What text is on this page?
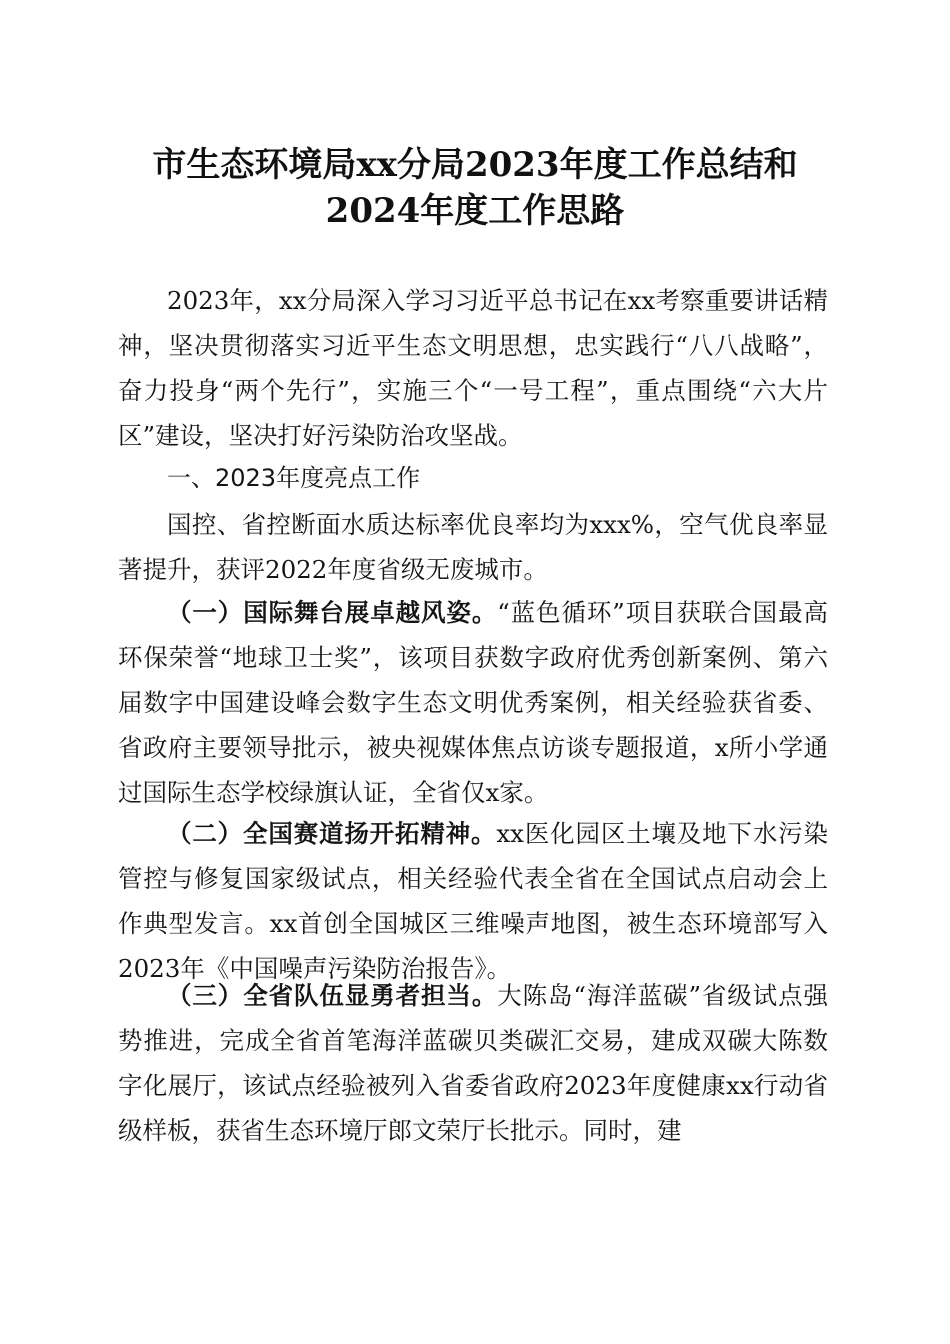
市生态环境局xx分局2023年度工作总结和
2024年度工作思路
2023年，xx分局深入学习习近平总书记在xx考察重要讲话精神，坚决贯彻落实习近平生态文明思想，忠实践行“八八战略”，奋力投身“两个先行”，实施三个“一号工程”，重点围绕“六大片区”建设，坚决打好污染防治攻坚战。
一、2023年度亮点工作
国控、省控断面水质达标率优良率均为xxx%，空气优良率显著提升，获评2022年度省级无废城市。
（一）国际舞台展卓越风姿。“蓝色循环”项目获联合国最高环保荣誉“地球卫士奖”，该项目获数字政府优秀创新案例、第六届数字中国建设峰会数字生态文明优秀案例，相关经验获省委、省政府主要领导批示，被央视媒体焦点访谈专题报道，x所小学通过国际生态学校绿旗认证，全省仅x家。
（二）全国赛道扬开拓精神。xx医化园区土壤及地下水污染管控与修复国家级试点，相关经验代表全省在全国试点启动会上作典型发言。xx首创全国城区三维噪声地图，被生态环境部写入2023年《中国噪声污染防治报告》。
（三）全省队伍显勇者担当。大陈岛“海洋蓝碳”省级试点强势推进，完成全省首笔海洋蓝碳贝类碳汇交易，建成双碳大陈数字化展厅，该试点经验被列入省委省政府2023年度健康xx行动省级样板，获省生态环境厅郎文荣厅长批示。同时，建
